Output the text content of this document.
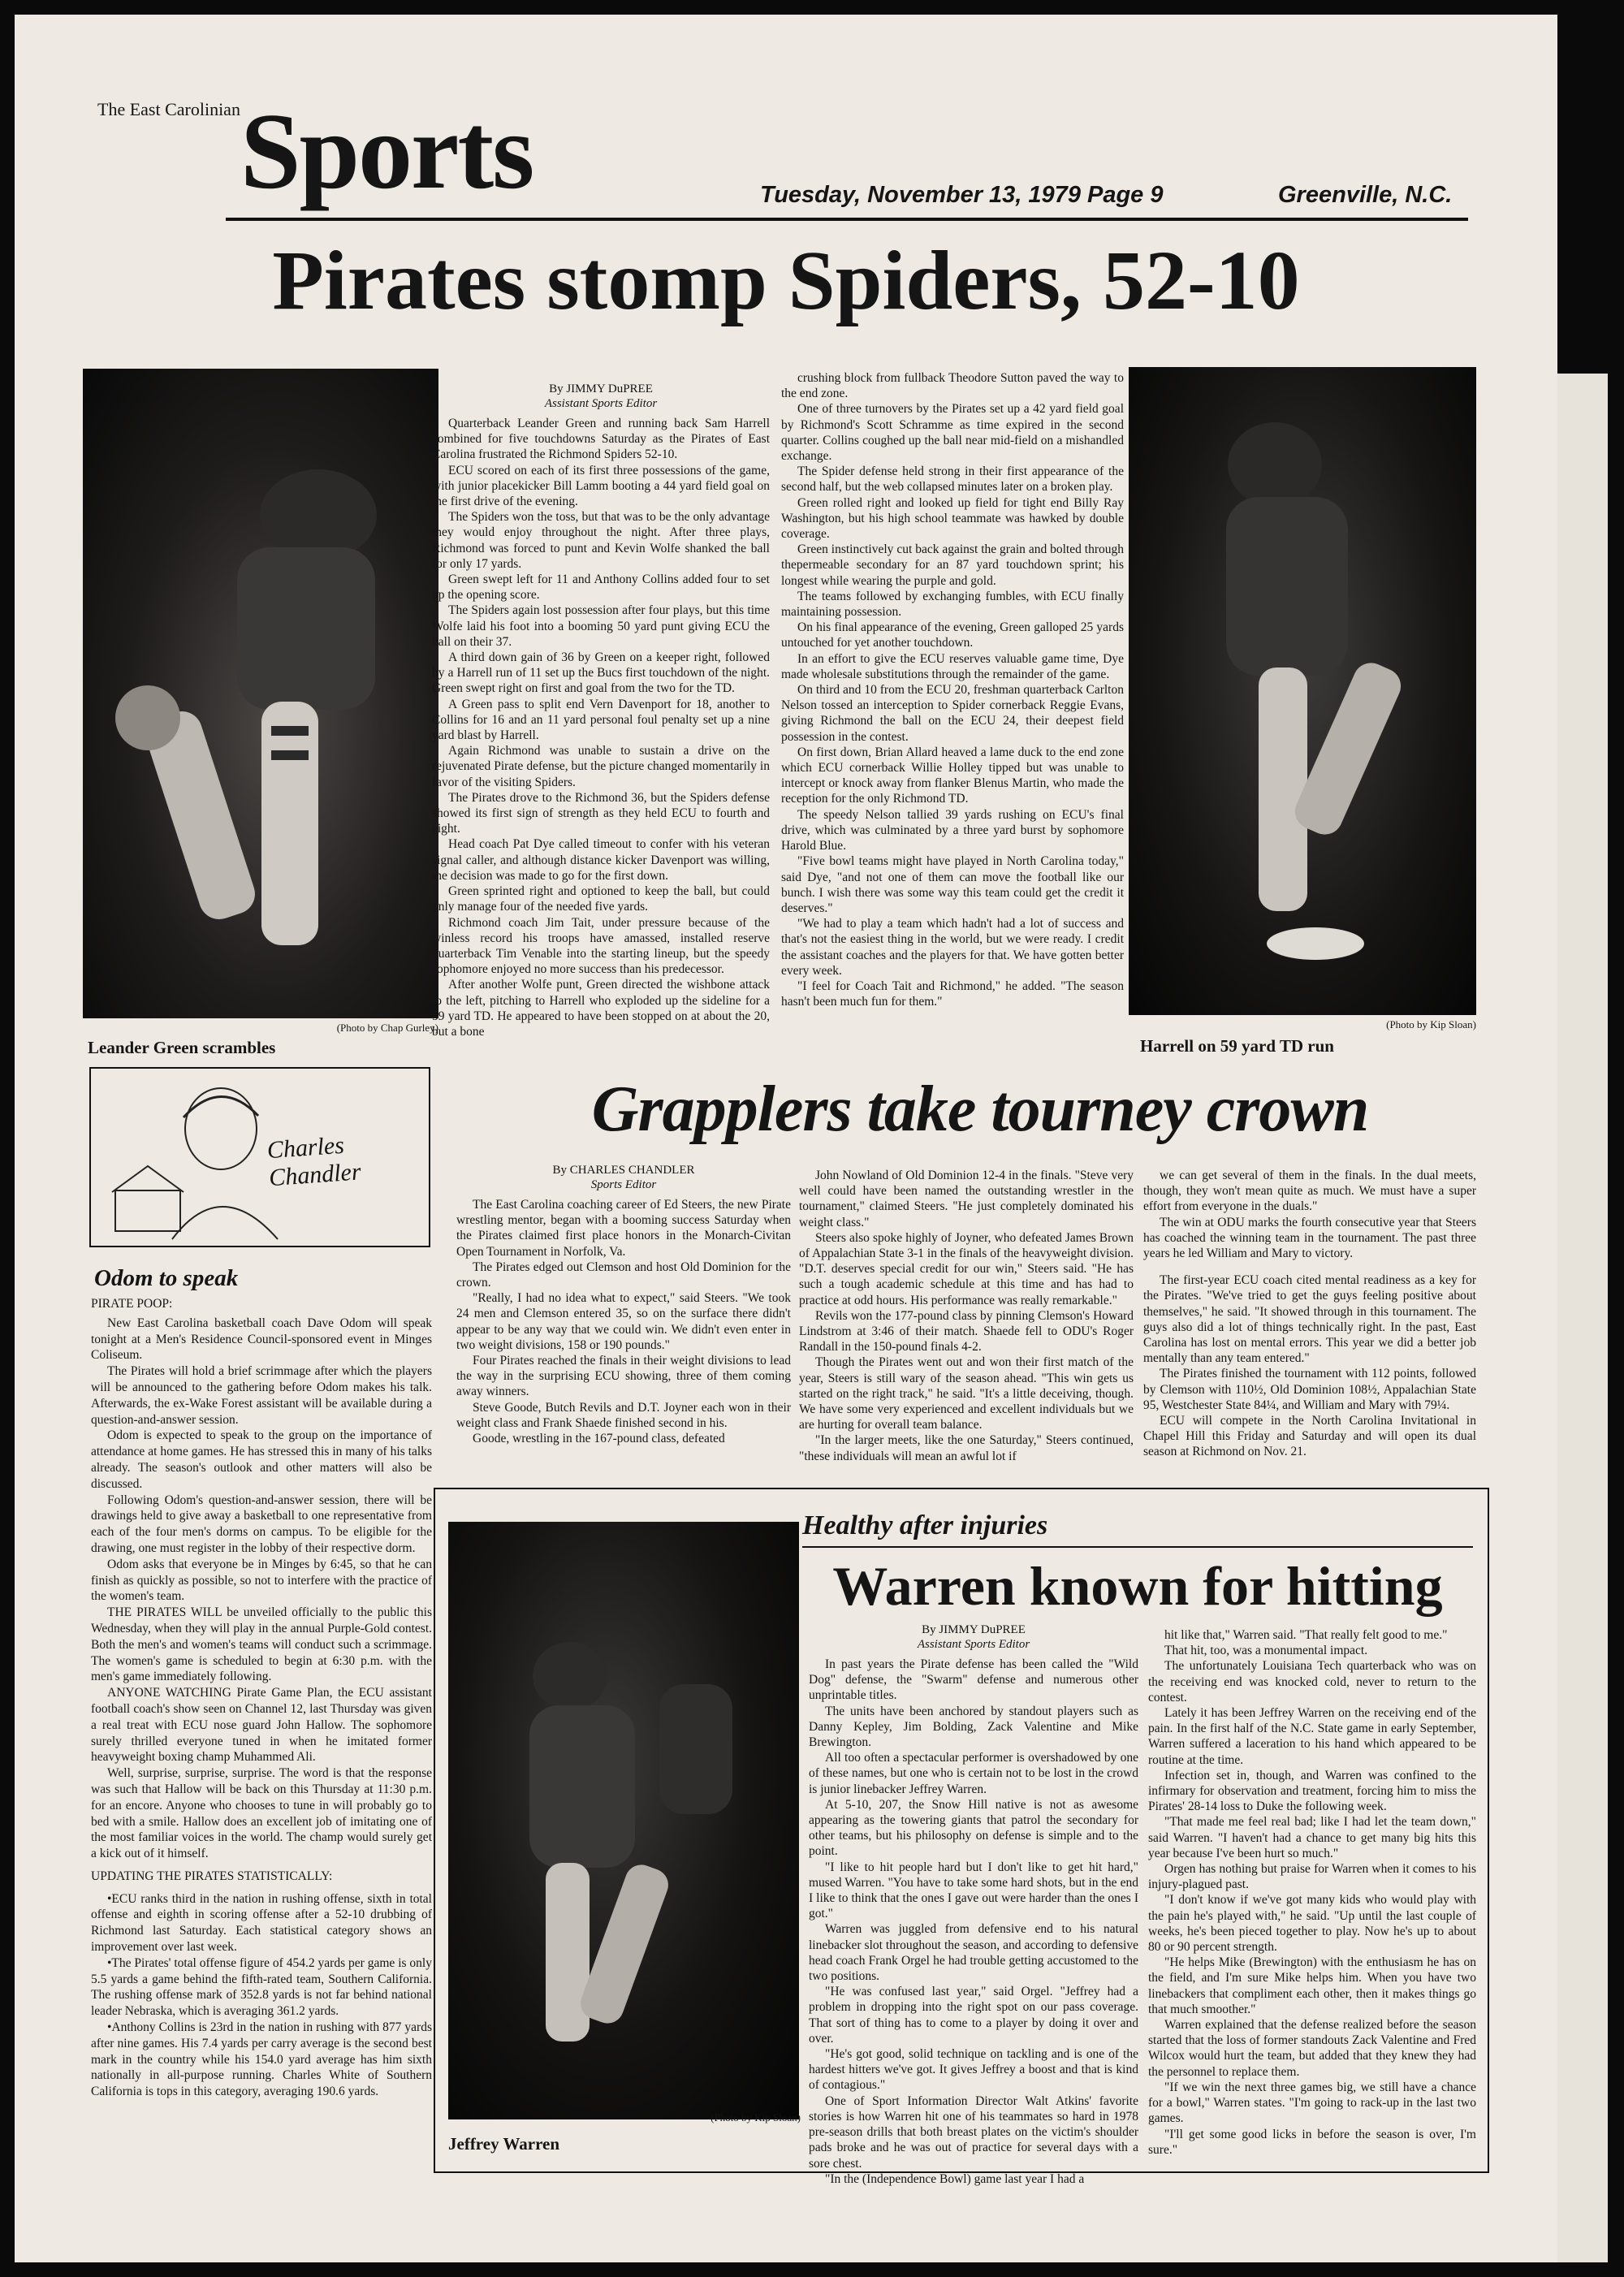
The East Carolinian Sports	Tuesday, November 13, 1979 Page 9	Greenville, N.C.
Pirates stomp Spiders, 52-10
(Photo by Chap Gurley)
Leander Green scrambles
By JIMMY DuPREE
Assistant Sports Editor

Quarterback Leander Green and running back Sam Harrell combined for five touchdowns Saturday as the Pirates of East Carolina frustrated the Richmond Spiders 52-10.

ECU scored on each of its first three possessions of the game, with junior placekicker Bill Lamm booting a 44 yard field goal on the first drive of the evening.

The Spiders won the toss, but that was to be the only advantage they would enjoy throughout the night. After three plays, Richmond was forced to punt and Kevin Wolfe shanked the ball for only 17 yards.

Green swept left for 11 and Anthony Collins added four to set up the opening score.

The Spiders again lost possession after four plays, but this time Wolfe laid his foot into a booming 50 yard punt giving ECU the ball on their 37.

A third down gain of 36 by Green on a keeper right, followed by a Harrell run of 11 set up the Bucs first touchdown of the night. Green swept right on first and goal from the two for the TD.

A Green pass to split end Vern Davenport for 18, another to Collins for 16 and an 11 yard personal foul penalty set up a nine yard blast by Harrell.

Again Richmond was unable to sustain a drive on the rejuvenated Pirate defense, but the picture changed momentarily in favor of the visiting Spiders.

The Pirates drove to the Richmond 36, but the Spiders defense showed its first sign of strength as they held ECU to fourth and eight.

Head coach Pat Dye called timeout to confer with his veteran signal caller, and although distance kicker Davenport was willing, the decision was made to go for the first down.

Green sprinted right and optioned to keep the ball, but could only manage four of the needed five yards.

Richmond coach Jim Tait, under pressure because of the winless record his troops have amassed, installed reserve quarterback Tim Venable into the starting lineup, but the speedy sophomore enjoyed no more success than his predecessor.

After another Wolfe punt, Green directed the wishbone attack to the left, pitching to Harrell who exploded up the sideline for a 59 yard TD. He appeared to have been stopped on at about the 20, but a bone

crushing block from fullback Theodore Sutton paved the way to the end zone.

One of three turnovers by the Pirates set up a 42 yard field goal by Richmond's Scott Schramme as time expired in the second quarter. Collins coughed up the ball near mid-field on a mishandled exchange.

The Spider defense held strong in their first appearance of the second half, but the web collapsed minutes later on a broken play.

Green rolled right and looked up field for tight end Billy Ray Washington, but his high school teammate was hawked by double coverage.

Green instinctively cut back against the grain and bolted through thepermeable secondary for an 87 yard touchdown sprint; his longest while wearing the purple and gold.

The teams followed by exchanging fumbles, with ECU finally maintaining possession.

On his final appearance of the evening, Green galloped 25 yards untouched for yet another touchdown.

In an effort to give the ECU reserves valuable game time, Dye made wholesale substitutions through the remainder of the game.

On third and 10 from the ECU 20, freshman quarterback Carlton Nelson tossed an interception to Spider cornerback Reggie Evans, giving Richmond the ball on the ECU 24, their deepest field possession in the contest.

On first down, Brian Allard heaved a lame duck to the end zone which ECU cornerback Willie Holley tipped but was unable to intercept or knock away from flanker Blenus Martin, who made the reception for the only Richmond TD.

The speedy Nelson tallied 39 yards rushing on ECU's final drive, which was culminated by a three yard burst by sophomore Harold Blue.

"Five bowl teams might have played in North Carolina today," said Dye, "and not one of them can move the football like our bunch. I wish there was some way this team could get the credit it deserves."

"We had to play a team which hadn't had a lot of success and that's not the easiest thing in the world, but we were ready. I credit the assistant coaches and the players for that. We have gotten better every week.

"I feel for Coach Tait and Richmond," he added. "The season hasn't been much fun for them."

(Photo by Kip Sloan)
Harrell on 59 yard TD run
Charles Chandler
Odom to speak
PIRATE POOP:

New East Carolina basketball coach Dave Odom will speak tonight at a Men's Residence Council-sponsored event in Minges Coliseum.

The Pirates will hold a brief scrimmage after which the players will be announced to the gathering before Odom makes his talk. Afterwards, the ex-Wake Forest assistant will be available during a question-and-answer session.

Odom is expected to speak to the group on the importance of attendance at home games. He has stressed this in many of his talks already. The season's outlook and other matters will also be discussed.

Following Odom's question-and-answer session, there will be drawings held to give away a basketball to one representative from each of the four men's dorms on campus. To be eligible for the drawing, one must register in the lobby of their respective dorm.

Odom asks that everyone be in Minges by 6:45, so that he can finish as quickly as possible, so not to interfere with the practice of the women's team.

THE PIRATES WILL be unveiled officially to the public this Wednesday, when they will play in the annual Purple-Gold contest. Both the men's and women's teams will conduct such a scrimmage. The women's game is scheduled to begin at 6:30 p.m. with the men's game immediately following.

ANYONE WATCHING Pirate Game Plan, the ECU assistant football coach's show seen on Channel 12, last Thursday was given a real treat with ECU nose guard John Hallow. The sophomore surely thrilled everyone tuned in when he imitated former heavyweight boxing champ Muhammed Ali.

Well, surprise, surprise, surprise. The word is that the response was such that Hallow will be back on this Thursday at 11:30 p.m. for an encore. Anyone who chooses to tune in will probably go to bed with a smile. Hallow does an excellent job of imitating one of the most familiar voices in the world. The champ would surely get a kick out of it himself.

UPDATING THE PIRATES STATISTICALLY:

•ECU ranks third in the nation in rushing offense, sixth in total offense and eighth in scoring offense after a 52-10 drubbing of Richmond last Saturday. Each statistical category shows an improvement over last week.

•The Pirates' total offense figure of 454.2 yards per game is only 5.5 yards a game behind the fifth-rated team, Southern California. The rushing offense mark of 352.8 yards is not far behind national leader Nebraska, which is averaging 361.2 yards.

•Anthony Collins is 23rd in the nation in rushing with 877 yards after nine games. His 7.4 yards per carry average is the second best mark in the country while his 154.0 yard average has him sixth nationally in all-purpose running. Charles White of Southern California is tops in this category, averaging 190.6 yards.

Grapplers take tourney crown
By CHARLES CHANDLER
Sports Editor

The East Carolina coaching career of Ed Steers, the new Pirate wrestling mentor, began with a booming success Saturday when the Pirates claimed first place honors in the Monarch-Civitan Open Tournament in Norfolk, Va.

The Pirates edged out Clemson and host Old Dominion for the crown.

"Really, I had no idea what to expect," said Steers. "We took 24 men and Clemson entered 35, so on the surface there didn't appear to be any way that we could win. We didn't even enter in two weight divisions, 158 or 190 pounds."

Four Pirates reached the finals in their weight divisions to lead the way in the surprising ECU showing, three of them coming away winners.

Steve Goode, Butch Revils and D.T. Joyner each won in their weight class and Frank Shaede finished second in his.

Goode, wrestling in the 167-pound class, defeated

John Nowland of Old Dominion 12-4 in the finals. "Steve very well could have been named the outstanding wrestler in the tournament," claimed Steers. "He just completely dominated his weight class."

Steers also spoke highly of Joyner, who defeated James Brown of Appalachian State 3-1 in the finals of the heavyweight division. "D.T. deserves special credit for our win," Steers said. "He has such a tough academic schedule at this time and has had to practice at odd hours. His performance was really remarkable."

Revils won the 177-pound class by pinning Clemson's Howard Lindstrom at 3:46 of their match. Shaede fell to ODU's Roger Randall in the 150-pound finals 4-2.

Though the Pirates went out and won their first match of the year, Steers is still wary of the season ahead. "This win gets us started on the right track," he said. "It's a little deceiving, though. We have some very experienced and excellent individuals but we are hurting for overall team balance.

"In the larger meets, like the one Saturday," Steers continued, "these individuals will mean an awful lot if

we can get several of them in the finals. In the dual meets, though, they won't mean quite as much. We must have a super effort from everyone in the duals."

The win at ODU marks the fourth consecutive year that Steers has coached the winning team in the tournament. The past three years he led William and Mary to victory.

The first-year ECU coach cited mental readiness as a key for the Pirates. "We've tried to get the guys feeling positive about themselves," he said. "It showed through in this tournament. The guys also did a lot of things technically right. In the past, East Carolina has lost on mental errors. This year we did a better job mentally than any team entered."

The Pirates finished the tournament with 112 points, followed by Clemson with 110½, Old Dominion 108½, Appalachian State 95, Westchester State 84¼, and William and Mary with 79¼.

ECU will compete in the North Carolina Invitational in Chapel Hill this Friday and Saturday and will open its dual season at Richmond on Nov. 21.

(Photo by Kip Sloan)
Jeffrey Warren
Healthy after injuries
Warren known for hitting
By JIMMY DuPREE
Assistant Sports Editor

In past years the Pirate defense has been called the "Wild Dog" defense, the "Swarm" defense and numerous other unprintable titles.

The units have been anchored by standout players such as Danny Kepley, Jim Bolding, Zack Valentine and Mike Brewington.

All too often a spectacular performer is overshadowed by one of these names, but one who is certain not to be lost in the crowd is junior linebacker Jeffrey Warren.

At 5-10, 207, the Snow Hill native is not as awesome appearing as the towering giants that patrol the secondary for other teams, but his philosophy on defense is simple and to the point.

"I like to hit people hard but I don't like to get hit hard," mused Warren. "You have to take some hard shots, but in the end I like to think that the ones I gave out were harder than the ones I got."

Warren was juggled from defensive end to his natural linebacker slot throughout the season, and according to defensive head coach Frank Orgel he had trouble getting accustomed to the two positions.

"He was confused last year," said Orgel. "Jeffrey had a problem in dropping into the right spot on our pass coverage. That sort of thing has to come to a player by doing it over and over.

"He's got good, solid technique on tackling and is one of the hardest hitters we've got. It gives Jeffrey a boost and that is kind of contagious."

One of Sport Information Director Walt Atkins' favorite stories is how Warren hit one of his teammates so hard in 1978 pre-season drills that both breast plates on the victim's shoulder pads broke and he was out of practice for several days with a sore chest.

"In the (Independence Bowl) game last year I had a

hit like that," Warren said. "That really felt good to me."

That hit, too, was a monumental impact.

The unfortunately Louisiana Tech quarterback who was on the receiving end was knocked cold, never to return to the contest.

Lately it has been Jeffrey Warren on the receiving end of the pain. In the first half of the N.C. State game in early September, Warren suffered a laceration to his hand which appeared to be routine at the time.

Infection set in, though, and Warren was confined to the infirmary for observation and treatment, forcing him to miss the Pirates' 28-14 loss to Duke the following week.

"That made me feel real bad; like I had let the team down," said Warren. "I haven't had a chance to get many big hits this year because I've been hurt so much."

Orgen has nothing but praise for Warren when it comes to his injury-plagued past.

"I don't know if we've got many kids who would play with the pain he's played with," he said. "Up until the last couple of weeks, he's been pieced together to play. Now he's up to about 80 or 90 percent strength.

"He helps Mike (Brewington) with the enthusiasm he has on the field, and I'm sure Mike helps him. When you have two linebackers that compliment each other, then it makes things go that much smoother."

Warren explained that the defense realized before the season started that the loss of former standouts Zack Valentine and Fred Wilcox would hurt the team, but added that they knew they had the personnel to replace them.

"If we win the next three games big, we still have a chance for a bowl," Warren states. "I'm going to rack-up in the last two games.

"I'll get some good licks in before the season is over, I'm sure."
